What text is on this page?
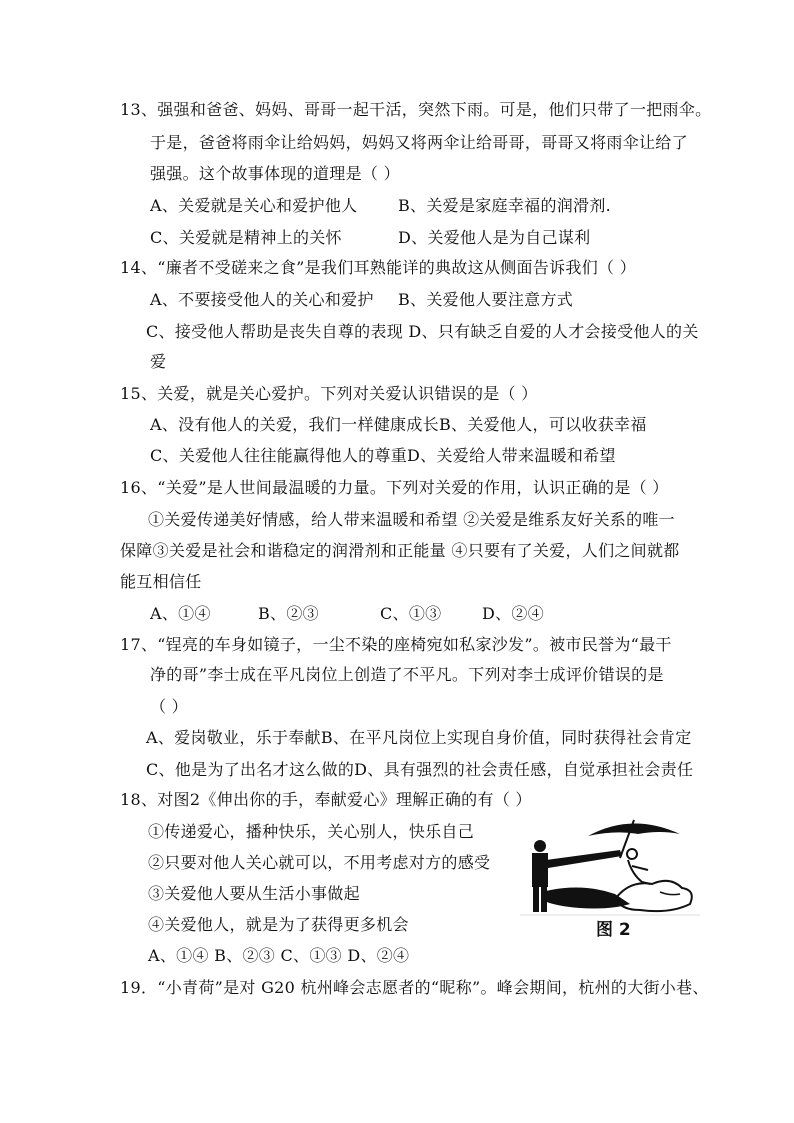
13、强强和爸爸、妈妈、哥哥一起干活，突然下雨。可是，他们只带了一把雨伞。
于是，爸爸将雨伞让给妈妈，妈妈又将两伞让给哥哥，哥哥又将雨伞让给了
强强。这个故事体现的道理是（ ）
A、关爱就是关心和爱护他人	B、关爱是家庭幸福的润滑剂.
C、关爱就是精神上的关怀	D、关爱他人是为自己谋利
14、“廉者不受磋来之食”是我们耳熟能详的典故这从侧面告诉我们（ ）
A、不要接受他人的关心和爱护 B、关爱他人要注意方式
C、接受他人帮助是丧失自尊的表现 D、只有缺乏自爱的人才会接受他人的关
爱
15、关爱，就是关心爱护。下列对关爱认识错误的是（ ）
A、没有他人的关爱，我们一样健康成长B、关爱他人，可以收获幸福
C、关爱他人往往能赢得他人的尊重D、关爱给人带来温暖和希望
16、“关爱”是人世间最温暖的力量。下列对关爱的作用，认识正确的是（ ）
①关爱传递美好情感，给人带来温暖和希望 ②关爱是维系友好关系的唯一
保障③关爱是社会和谐稳定的润滑剂和正能量 ④只要有了关爱，人们之间就都
能互相信任
A、①④	B、②③	C、①③	D、②④
17、“锃亮的车身如镜子，一尘不染的座椅宛如私家沙发”。被市民誉为“最干
净的哥”李士成在平凡岗位上创造了不平凡。下列对李士成评价错误的是
（ ）
A、爱岗敬业，乐于奉献B、在平凡岗位上实现自身价值，同时获得社会肯定
C、他是为了出名才这么做的D、具有强烈的社会责任感，自觉承担社会责任
18、对图2《伸出你的手，奉献爱心》理解正确的有（ ）
①传递爱心，播种快乐，关心别人，快乐自己
②只要对他人关心就可以，不用考虑对方的感受
③关爱他人要从生活小事做起
④关爱他人，就是为了获得更多机会
A、①④ B、②③ C、①③ D、②④
图 2
19．“小青荷”是对 G20 杭州峰会志愿者的“昵称”。峰会期间，杭州的大街小巷、
